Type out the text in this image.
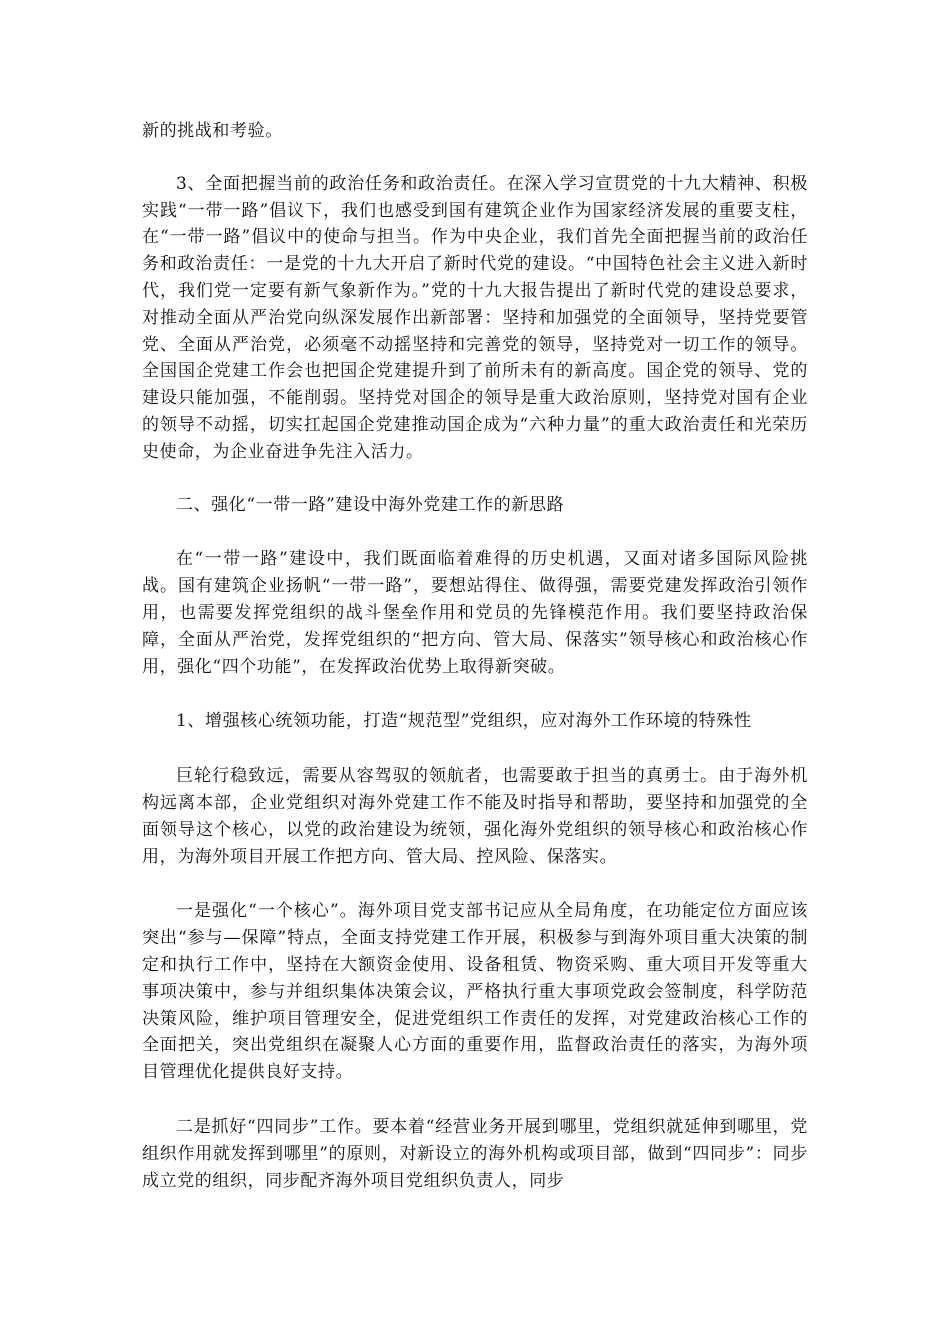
新的挑战和考验。

3、全面把握当前的政治任务和政治责任。在深入学习宣贯党的十九大精神、积极实践“一带一路”倡议下，我们也感受到国有建筑企业作为国家经济发展的重要支柱，在“一带一路”倡议中的使命与担当。作为中央企业，我们首先全面把握当前的政治任务和政治责任：一是党的十九大开启了新时代党的建设。“中国特色社会主义进入新时代，我们党一定要有新气象新作为。”党的十九大报告提出了新时代党的建设总要求，对推动全面从严治党向纵深发展作出新部署：坚持和加强党的全面领导，坚持党要管党、全面从严治党，必须毫不动摇坚持和完善党的领导，坚持党对一切工作的领导。全国国企党建工作会也把国企党建提升到了前所未有的新高度。国企党的领导、党的建设只能加强，不能削弱。坚持党对国企的领导是重大政治原则，坚持党对国有企业的领导不动摇，切实扛起国企党建推动国企成为“六种力量”的重大政治责任和光荣历史使命，为企业奋进争先注入活力。

二、强化“一带一路”建设中海外党建工作的新思路

在“一带一路”建设中，我们既面临着难得的历史机遇，又面对诸多国际风险挑战。国有建筑企业扬帆“一带一路”，要想站得住、做得强，需要党建发挥政治引领作用，也需要发挥党组织的战斗堡垒作用和党员的先锋模范作用。我们要坚持政治保障，全面从严治党，发挥党组织的“把方向、管大局、保落实”领导核心和政治核心作用，强化“四个功能”，在发挥政治优势上取得新突破。

1、增强核心统领功能，打造“规范型”党组织，应对海外工作环境的特殊性

巨轮行稳致远，需要从容驾驭的领航者，也需要敢于担当的真勇士。由于海外机构远离本部，企业党组织对海外党建工作不能及时指导和帮助，要坚持和加强党的全面领导这个核心，以党的政治建设为统领，强化海外党组织的领导核心和政治核心作用，为海外项目开展工作把方向、管大局、控风险、保落实。

一是强化“一个核心”。海外项目党支部书记应从全局角度，在功能定位方面应该突出“参与—保障”特点，全面支持党建工作开展，积极参与到海外项目重大决策的制定和执行工作中，坚持在大额资金使用、设备租赁、物资采购、重大项目开发等重大事项决策中，参与并组织集体决策会议，严格执行重大事项党政会签制度，科学防范决策风险，维护项目管理安全，促进党组织工作责任的发挥，对党建政治核心工作的全面把关，突出党组织在凝聚人心方面的重要作用，监督政治责任的落实，为海外项目管理优化提供良好支持。

二是抓好“四同步”工作。要本着“经营业务开展到哪里，党组织就延伸到哪里，党组织作用就发挥到哪里”的原则，对新设立的海外机构或项目部，做到“四同步”：同步成立党的组织，同步配齐海外项目党组织负责人，同步
